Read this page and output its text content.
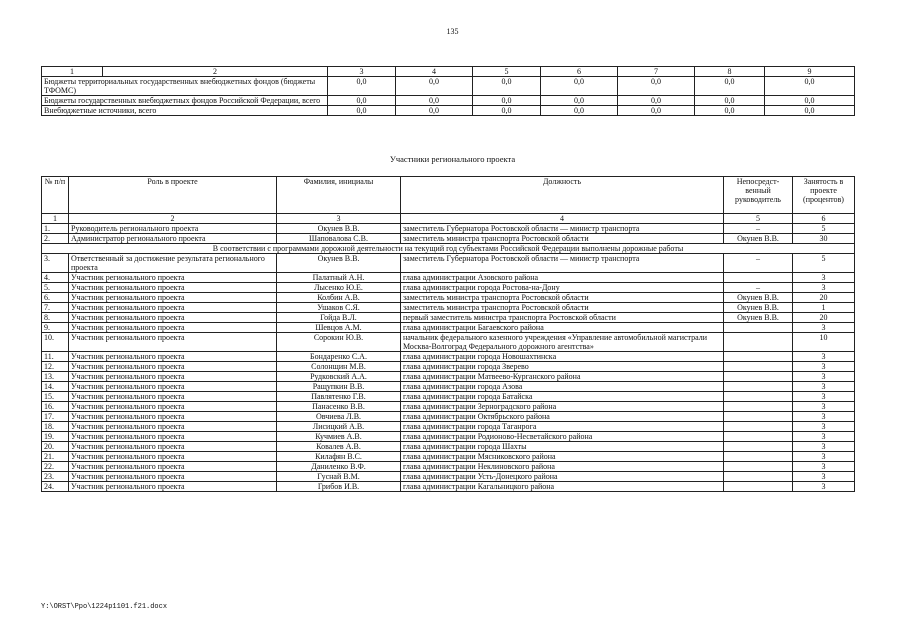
135
1 2	3	4	5	6	7	8	9
Бюджеты территориальных государственных внебюджетных фондов (бюджеты ТФОМС)	0,0	0,0	0,0	0,0	0,0	0,0	0,0
Бюджеты государственных внебюджетных фондов Российской Федерации, всего	0,0	0,0	0,0	0,0	0,0	0,0	0,0
Внебюджетные источники, всего	0,0	0,0	0,0	0,0	0,0	0,0	0,0
Участники регионального проекта
№ п/п	Роль в проекте	Фамилия, инициалы	Должность	Непосредст-венный руководитель	Занятость в проекте (процентов)
1	2	3	4	5	6
1.	Руководитель регионального проекта	Окунев В.В.	заместитель Губернатора Ростовской области — министр транспорта	–	5
2.	Администратор регионального проекта	Шаповалова С.В.	заместитель министра транспорта Ростовской области	Окунев В.В.	30
В соответствии с программами дорожной деятельности на текущий год субъектами Российской Федерации выполнены дорожные работы					
3.	Ответственный за достижение результата регионального проекта	Окунев В.В.	заместитель Губернатора Ростовской области — министр транспорта	–	5
4.	Участник регионального проекта	Палатный А.Н.	глава администрации Азовского района		3
5.	Участник регионального проекта	Лысенко Ю.Е.	глава администрации города Ростова-на-Дону	–	3
6.	Участник регионального проекта	Колбин А.В.	заместитель министра транспорта Ростовской области	Окунев В.В.	20
7.	Участник регионального проекта	Ушаков С.Я.	заместитель министра транспорта Ростовской области	Окунев В.В.	1
8.	Участник регионального проекта	Гойда В.Л.	первый заместитель министра транспорта Ростовской области	Окунев В.В.	20
9.	Участник регионального проекта	Шевцов А.М.	глава администрации Багаевского района		3
10.	Участник регионального проекта	Сорокин Ю.В.	начальник федерального казенного учреждения «Управление автомобильной магистрали Москва-Волгоград Федерального дорожного агентства»		10
11.	Участник регионального проекта	Бондаренко С.А.	глава администрации города Новошахтинска		3
12.	Участник регионального проекта	Солонщин М.В.	глава администрации города Зверево		3
13.	Участник регионального проекта	Рудковский А.А.	глава администрации Матвеево-Курганского района		3
14.	Участник регионального проекта	Ращупкин В.В.	глава администрации города Азова		3
15.	Участник регионального проекта	Павлятенко Г.В.	глава администрации города Батайска		3
16.	Участник регионального проекта	Панасенко В.В.	глава администрации Зерноградского района		3
17.	Участник регионального проекта	Овчиева Л.В.	глава администрации Октябрьского района		3
18.	Участник регионального проекта	Лисицкий А.В.	глава администрации города Таганрога		3
19.	Участник регионального проекта	Кучмиев А.В.	глава администрации Родионово-Несветайского района		3
20.	Участник регионального проекта	Ковалев А.В.	глава администрации города Шахты		3
21.	Участник регионального проекта	Килафян В.С.	глава администрации Мясниковского района		3
22.	Участник регионального проекта	Даниленко В.Ф.	глава администрации Неклиновского района		3
23.	Участник регионального проекта	Гуснай В.М.	глава администрации Усть-Донецкого района		3
24.	Участник регионального проекта	Грибов И.В.	глава администрации Кагальницкого района		3
Y:\ORST\Ppo\1224p1101.f21.docx
